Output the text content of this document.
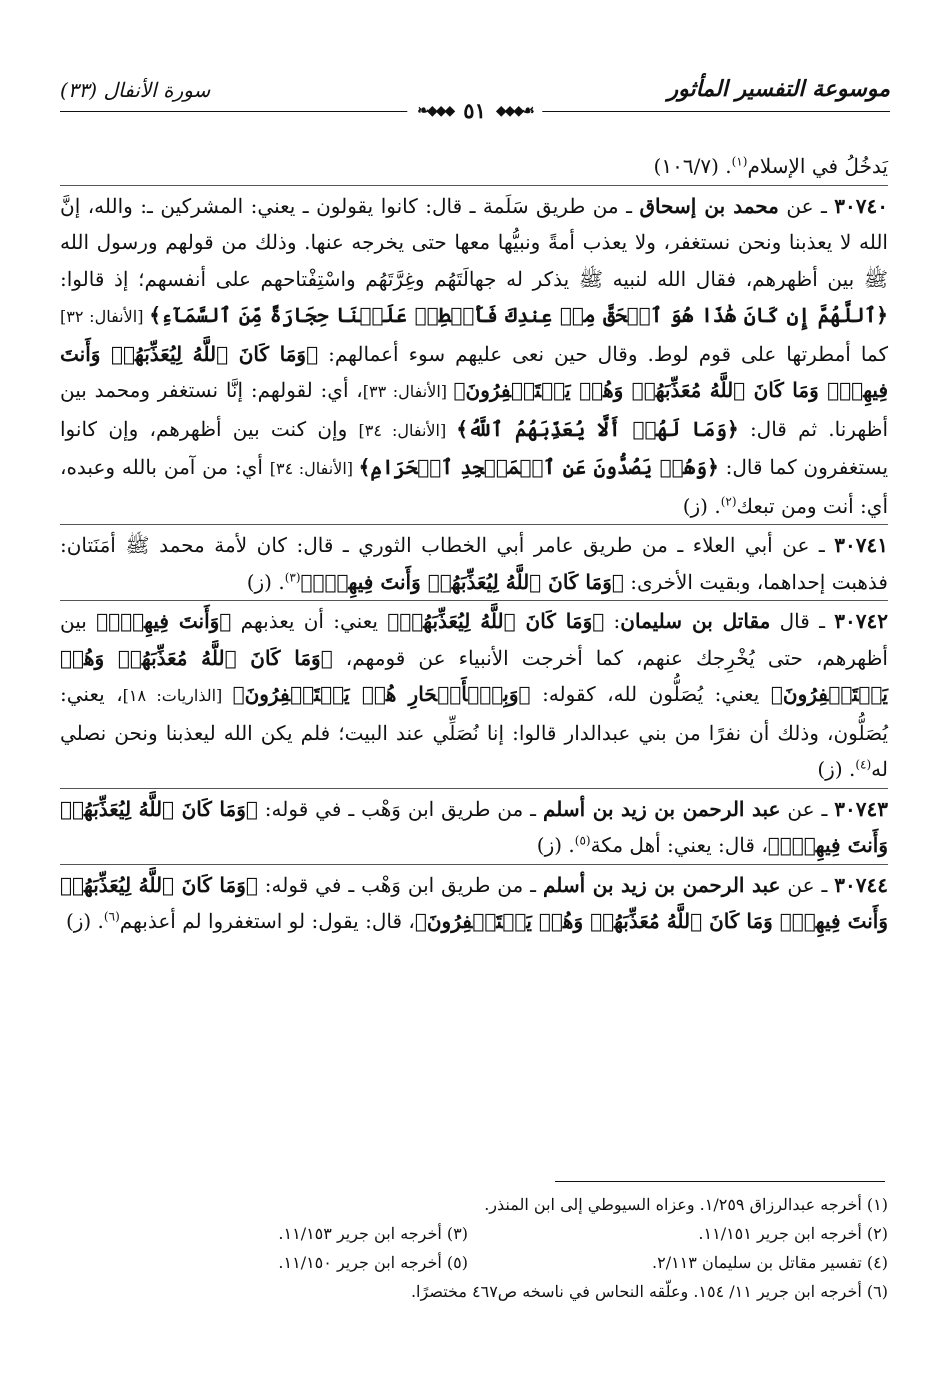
موسوعة التفسير المأثور
سورة الأنفال (٣٣)
❧◆◆◆ ٥١ ◆◆◆☙

يَدخُلُ في الإسلام$^{(١)}$. (١٠٦/٧)

٣٠٧٤٠ ـ عن محمد بن إسحاق ـ من طريق سَلَمة ـ قال: كانوا يقولون ـ يعني: المشركين ـ: والله، إنَّ الله لا يعذبنا ونحن نستغفر، ولا يعذب أمةً ونبيُّها معها حتى يخرجه عنها. وذلك من قولهم ورسول الله ﷺ بين أظهرهم، فقال الله لنبيه ﷺ يذكر له جهالَتَهُم وغِرَّتَهُم واسْتِفْتاحهم على أنفسهم؛ إذ قالوا: ﴿ٱللَّهُمَّ إِن كَانَ هَٰذَا هُوَ ٱلۡحَقَّ مِنۡ عِندِكَ فَأَمۡطِرۡ عَلَيۡنَا حِجَارَةً مِّنَ ٱلسَّمَآءِ﴾ [الأنفال: ٣٢] كما أمطرتها على قوم لوط. وقال حين نعى عليهم سوء أعمالهم: ﴿وَمَا كَانَ ٱللَّهُ لِيُعَذِّبَهُمۡ وَأَنتَ فِيهِمۡۚ وَمَا كَانَ ٱللَّهُ مُعَذِّبَهُمۡ وَهُمۡ يَسۡتَغۡفِرُونَ﴾ [الأنفال: ٣٣]، أي: لقولهم: إنَّا نستغفر ومحمد بين أظهرنا. ثم قال: ﴿وَمَا لَهُمۡ أَلَّا يُعَذِّبَهُمُ ٱللَّهُ﴾ [الأنفال: ٣٤] وإن كنت بين أظهرهم، وإن كانوا يستغفرون كما قال: ﴿وَهُمۡ يَصُدُّونَ عَنِ ٱلۡمَسۡجِدِ ٱلۡحَرَامِ﴾ [الأنفال: ٣٤] أي: من آمن بالله وعبده، أي: أنت ومن تبعك$^{(٢)}$. (ز)

٣٠٧٤١ ـ عن أبي العلاء ـ من طريق عامر أبي الخطاب الثوري ـ قال: كان لأمة محمد ﷺ أمَنَتان: فذهبت إحداهما، وبقيت الأخرى: ﴿وَمَا كَانَ ٱللَّهُ لِيُعَذِّبَهُمۡ وَأَنتَ فِيهِمۡۚ﴾$^{(٣)}$. (ز)

٣٠٧٤٢ ـ قال مقاتل بن سليمان: ﴿وَمَا كَانَ ٱللَّهُ لِيُعَذِّبَهُمۡ﴾ يعني: أن يعذبهم ﴿وَأَنتَ فِيهِمۡۚ﴾ بين أظهرهم، حتى يُخْرِجك عنهم، كما أخرجت الأنبياء عن قومهم، ﴿وَمَا كَانَ ٱللَّهُ مُعَذِّبَهُمۡ وَهُمۡ يَسۡتَغۡفِرُونَ﴾ يعني: يُصَلُّون لله، كقوله: ﴿وَبِٱلۡأَسۡحَارِ هُمۡ يَسۡتَغۡفِرُونَ﴾ [الذاريات: ١٨]، يعني: يُصَلُّون، وذلك أن نفرًا من بني عبدالدار قالوا: إنا نُصَلِّي عند البيت؛ فلم يكن الله ليعذبنا ونحن نصلي له$^{(٤)}$. (ز)

٣٠٧٤٣ ـ عن عبد الرحمن بن زيد بن أسلم ـ من طريق ابن وَهْب ـ في قوله: ﴿وَمَا كَانَ ٱللَّهُ لِيُعَذِّبَهُمۡ وَأَنتَ فِيهِمۡۚ﴾، قال: يعني: أهل مكة$^{(٥)}$. (ز)

٣٠٧٤٤ ـ عن عبد الرحمن بن زيد بن أسلم ـ من طريق ابن وَهْب ـ في قوله: ﴿وَمَا كَانَ ٱللَّهُ لِيُعَذِّبَهُمۡ وَأَنتَ فِيهِمۡۚ وَمَا كَانَ ٱللَّهُ مُعَذِّبَهُمۡ وَهُمۡ يَسۡتَغۡفِرُونَ﴾، قال: يقول: لو استغفروا لم أعذبهم$^{(٦)}$. (ز)

(١) أخرجه عبدالرزاق ١/٢٥٩. وعزاه السيوطي إلى ابن المنذر.
(٢) أخرجه ابن جرير ١١/١٥١.
(٣) أخرجه ابن جرير ١١/١٥٣.
(٤) تفسير مقاتل بن سليمان ٢/١١٣.
(٥) أخرجه ابن جرير ١١/١٥٠.
(٦) أخرجه ابن جرير ١١/ ١٥٤. وعلّقه النحاس في ناسخه ص٤٦٧ مختصرًا.
